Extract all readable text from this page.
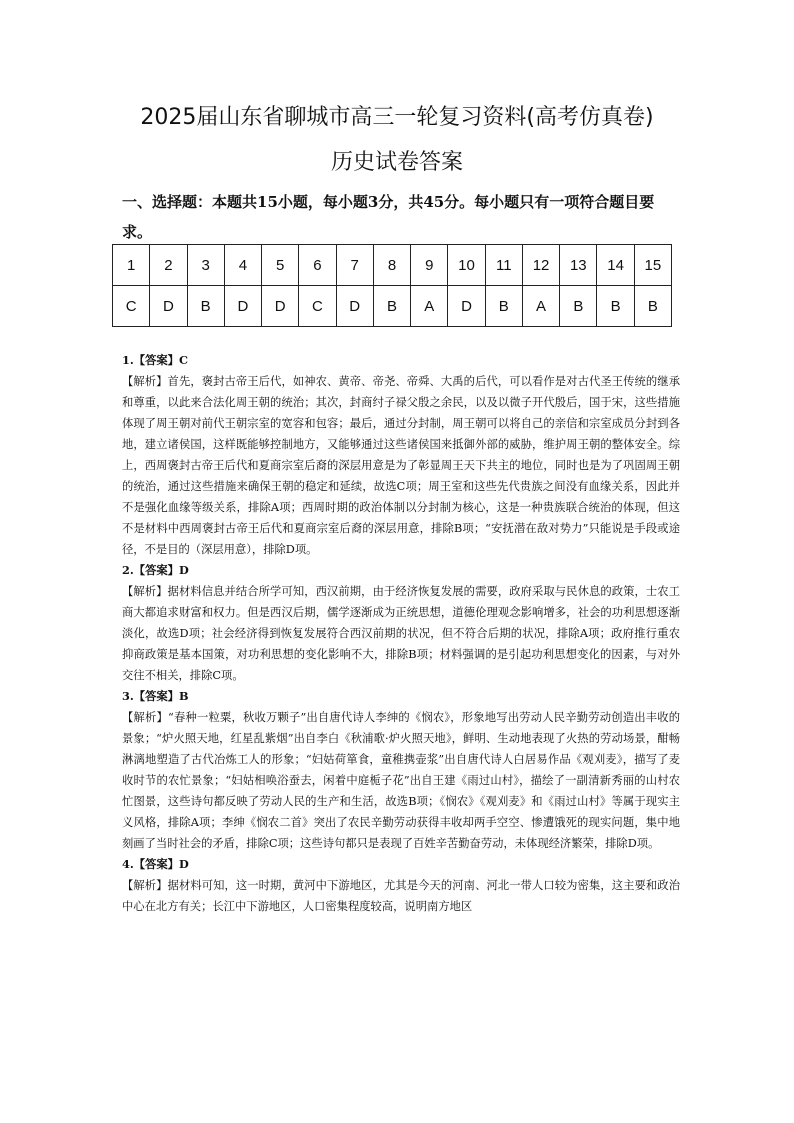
2025届山东省聊城市高三一轮复习资料(高考仿真卷)
历史试卷答案
一、选择题：本题共15小题，每小题3分，共45分。每小题只有一项符合题目要求。
1	2	3	4	5	6	7	8	9	10	11	12	13	14	15
C	D	B	D	D	C	D	B	A	D	B	A	B	B	B
1.【答案】C
【解析】首先，褒封古帝王后代，如神农、黄帝、帝尧、帝舜、大禹的后代，可以看作是对古代圣王传统的继承和尊重，以此来合法化周王朝的统治；其次，封商纣子禄父殷之余民，以及以微子开代殷后，国于宋，这些措施体现了周王朝对前代王朝宗室的宽容和包容；最后，通过分封制，周王朝可以将自己的亲信和宗室成员分封到各地，建立诸侯国，这样既能够控制地方，又能够通过这些诸侯国来抵御外部的威胁，维护周王朝的整体安全。综上，西周褒封古帝王后代和夏商宗室后裔的深层用意是为了彰显周王天下共主的地位，同时也是为了巩固周王朝的统治，通过这些措施来确保王朝的稳定和延续，故选C项；周王室和这些先代贵族之间没有血缘关系，因此并不是强化血缘等级关系，排除A项；西周时期的政治体制以分封制为核心，这是一种贵族联合统治的体现，但这不是材料中西周褒封古帝王后代和夏商宗室后裔的深层用意，排除B项；“安抚潜在敌对势力”只能说是手段或途径，不是目的（深层用意），排除D项。
2.【答案】D
【解析】据材料信息并结合所学可知，西汉前期，由于经济恢复发展的需要，政府采取与民休息的政策，士农工商大都追求财富和权力。但是西汉后期，儒学逐渐成为正统思想，道德伦理观念影响增多，社会的功利思想逐渐淡化，故选D项；社会经济得到恢复发展符合西汉前期的状况，但不符合后期的状况，排除A项；政府推行重农抑商政策是基本国策，对功利思想的变化影响不大，排除B项；材料强调的是引起功利思想变化的因素，与对外交往不相关，排除C项。
3.【答案】B
【解析】“春种一粒粟，秋收万颗子”出自唐代诗人李绅的《悯农》，形象地写出劳动人民辛勤劳动创造出丰收的景象；“炉火照天地，红星乱紫烟”出自李白《秋浦歌·炉火照天地》，鲜明、生动地表现了火热的劳动场景，酣畅淋漓地塑造了古代冶炼工人的形象；“妇姑荷箪食，童稚携壶浆”出自唐代诗人白居易作品《观刈麦》，描写了麦收时节的农忙景象；“妇姑相唤浴蚕去，闲着中庭栀子花”出自王建《雨过山村》，描绘了一副清新秀丽的山村农忙图景，这些诗句都反映了劳动人民的生产和生活，故选B项；《悯农》《观刈麦》和《雨过山村》等属于现实主义风格，排除A项；李绅《悯农二首》突出了农民辛勤劳动获得丰收却两手空空、惨遭饿死的现实问题，集中地刻画了当时社会的矛盾，排除C项；这些诗句都只是表现了百姓辛苦勤奋劳动，未体现经济繁荣，排除D项。
4.【答案】D
【解析】据材料可知，这一时期，黄河中下游地区，尤其是今天的河南、河北一带人口较为密集，这主要和政治中心在北方有关；长江中下游地区，人口密集程度较高，说明南方地区
